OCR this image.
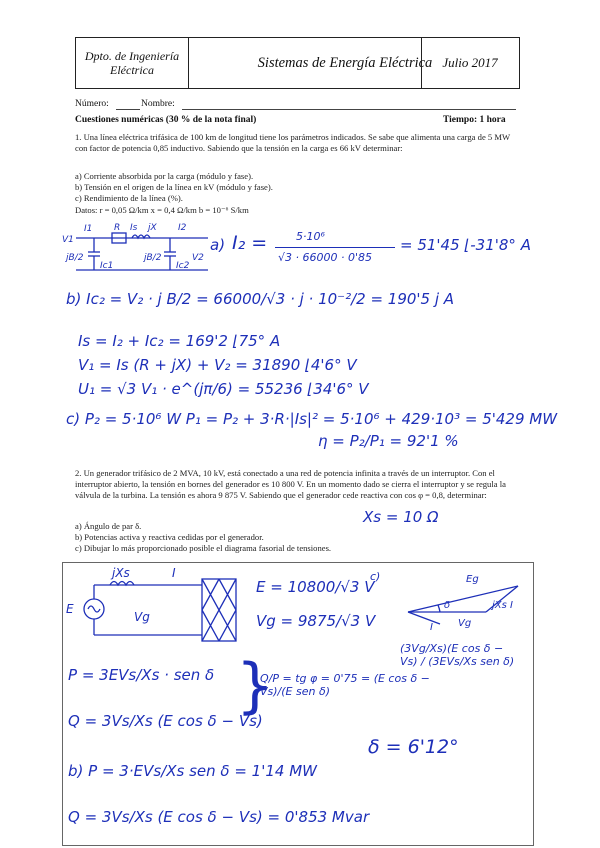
Dpto. de Ingeniería Eléctrica	Sistemas de Energía Eléctrica Julio 2017
Número:	Nombre:
Cuestiones numéricas (30 % de la nota final)	Tiempo: 1 hora
1. Una línea eléctrica trifásica de 100 km de longitud tiene los parámetros indicados. Se sabe que alimenta una carga de 5 MW con factor de potencia 0,85 inductivo. Sabiendo que la tensión en la carga es 66 kV determinar:
a) Corriente absorbida por la carga (módulo y fase).
b) Tensión en el origen de la línea en kV (módulo y fase).
c) Rendimiento de la línea (%).
Datos: r = 0,05 Ω/km x = 0,4 Ω/km b = 10⁻⁶ S/km
V1
I1 R Is jX I2
jB/2
Ic1
jB/2
Ic2
V2
a) I₂ =	5·10⁶
√3 · 66000 · 0'85
= 51'45 ⌊-31'8° A
b) Ic₂ = V₂ · j B/2 = 66000/√3 · j · 10⁻²/2 = 190'5 j A
Is = I₂ + Ic₂ = 169'2 ⌊75° A
V₁ = Is (R + jX) + V₂ = 31890 ⌊4'6° V
U₁ = √3 V₁ · e^(jπ/6) = 55236 ⌊34'6° V
c) P₂ = 5·10⁶ W P₁ = P₂ + 3·R·|Is|² = 5·10⁶ + 429·10³ = 5'429 MW
η = P₂/P₁ = 92'1 %
2. Un generador trifásico de 2 MVA, 10 kV, está conectado a una red de potencia infinita a través de un interruptor. Con el interruptor abierto, la tensión en bornes del generador es 10 800 V. En un momento dado se cierra el interruptor y se regula la válvula de la turbina. La tensión es ahora 9 875 V. Sabiendo que el generador cede reactiva con cos φ = 0,8, determinar:
Xs = 10 Ω
a) Ángulo de par δ.
b) Potencias activa y reactiva cedidas por el generador.
c) Dibujar lo más proporcionado posible el diagrama fasorial de tensiones.
jXs	I
E
Vg
E = 10800/√3 V
Vg = 9875/√3 V
c)	Eg
δ	jXs I
I	Vg
P = 3EVs/Xs · sen δ
Q = 3Vs/Xs (E cos δ − Vs)
}
Q/P = tg φ = 0'75 = (E cos δ − Vs)/(E sen δ)
(3Vg/Xs)(E cos δ − Vs) / (3EVs/Xs sen δ)
δ = 6'12°
b) P = 3·EVs/Xs sen δ = 1'14 MW
Q = 3Vs/Xs (E cos δ − Vs) = 0'853 Mvar
